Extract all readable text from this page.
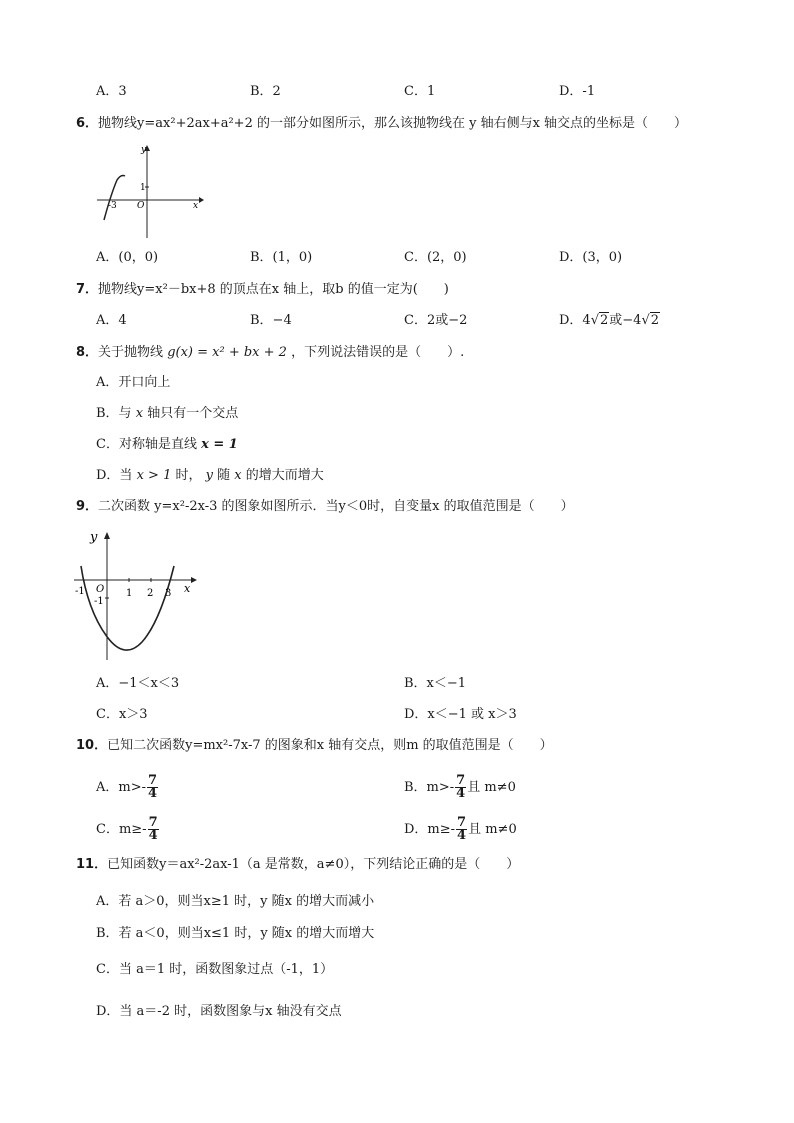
A．3	B．2	C．1	D．-1
6．抛物线y=ax²+2ax+a²+2 的一部分如图所示，那么该抛物线在 y 轴右侧与x 轴交点的坐标是（　　）
y
x
1
-3 O
A．(0，0)	B．(1，0)	C．(2，0)	D．(3，0)
7．抛物线y=x²－bx+8 的顶点在x 轴上，取b 的值一定为(　　)
A．4	B．−4	C．2或−2	D．4√2或−4√2
8．关于抛物线 g(x) = x² + bx + 2 ，下列说法错误的是（　　）.
A．开口向上
B．与 x 轴只有一个交点
C．对称轴是直线 x = 1
D．当 x > 1 时， y 随 x 的增大而增大
9．二次函数 y=x²-2x-3 的图象如图所示．当y＜0时，自变量x 的取值范围是（　　）
y
x
-1 O
-1
1 2 3
A．−1＜x＜3	B．x＜−1
C．x＞3	D．x＜−1 或 x＞3
10．已知二次函数y=mx²-7x-7 的图象和x 轴有交点，则m 的取值范围是（　　）
A．$m>- \frac{7}{4}$	B．$m>- \frac{7}{4}$ 且 m≠0
C．$m\ge- \frac{7}{4}$	D．$m\ge- \frac{7}{4}$ 且 m≠0
11．已知函数y＝ax²-2ax-1（a 是常数，a≠0），下列结论正确的是（　　）
A．若 a＞0，则当x≥1 时，y 随x 的增大而减小
B．若 a＜0，则当x≤1 时，y 随x 的增大而增大
C．当 a＝1 时，函数图象过点（-1，1）
D．当 a＝-2 时，函数图象与x 轴没有交点
